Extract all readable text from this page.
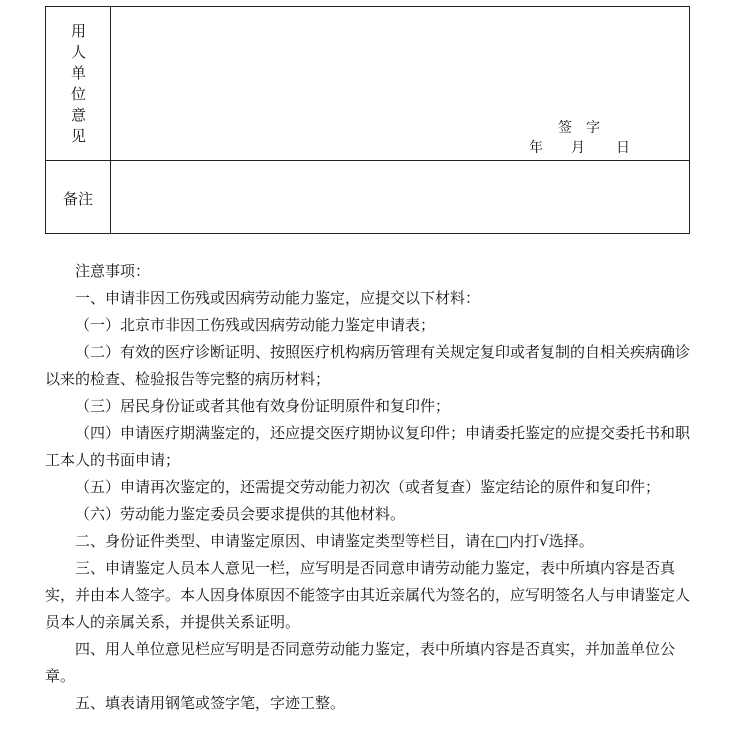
用人单位意见	签字
年 月 日
备注

注意事项：

一、申请非因工伤残或因病劳动能力鉴定，应提交以下材料：

（一）北京市非因工伤残或因病劳动能力鉴定申请表；

（二）有效的医疗诊断证明、按照医疗机构病历管理有关规定复印或者复制的自相关疾病确诊以来的检查、检验报告等完整的病历材料；

（三）居民身份证或者其他有效身份证明原件和复印件；

（四）申请医疗期满鉴定的，还应提交医疗期协议复印件；申请委托鉴定的应提交委托书和职工本人的书面申请；

（五）申请再次鉴定的，还需提交劳动能力初次（或者复查）鉴定结论的原件和复印件；

（六）劳动能力鉴定委员会要求提供的其他材料。

二、身份证件类型、申请鉴定原因、申请鉴定类型等栏目，请在□内打√选择。

三、申请鉴定人员本人意见一栏，应写明是否同意申请劳动能力鉴定，表中所填内容是否真实，并由本人签字。本人因身体原因不能签字由其近亲属代为签名的，应写明签名人与申请鉴定人员本人的亲属关系，并提供关系证明。

四、用人单位意见栏应写明是否同意劳动能力鉴定，表中所填内容是否真实，并加盖单位公章。

五、填表请用钢笔或签字笔，字迹工整。
